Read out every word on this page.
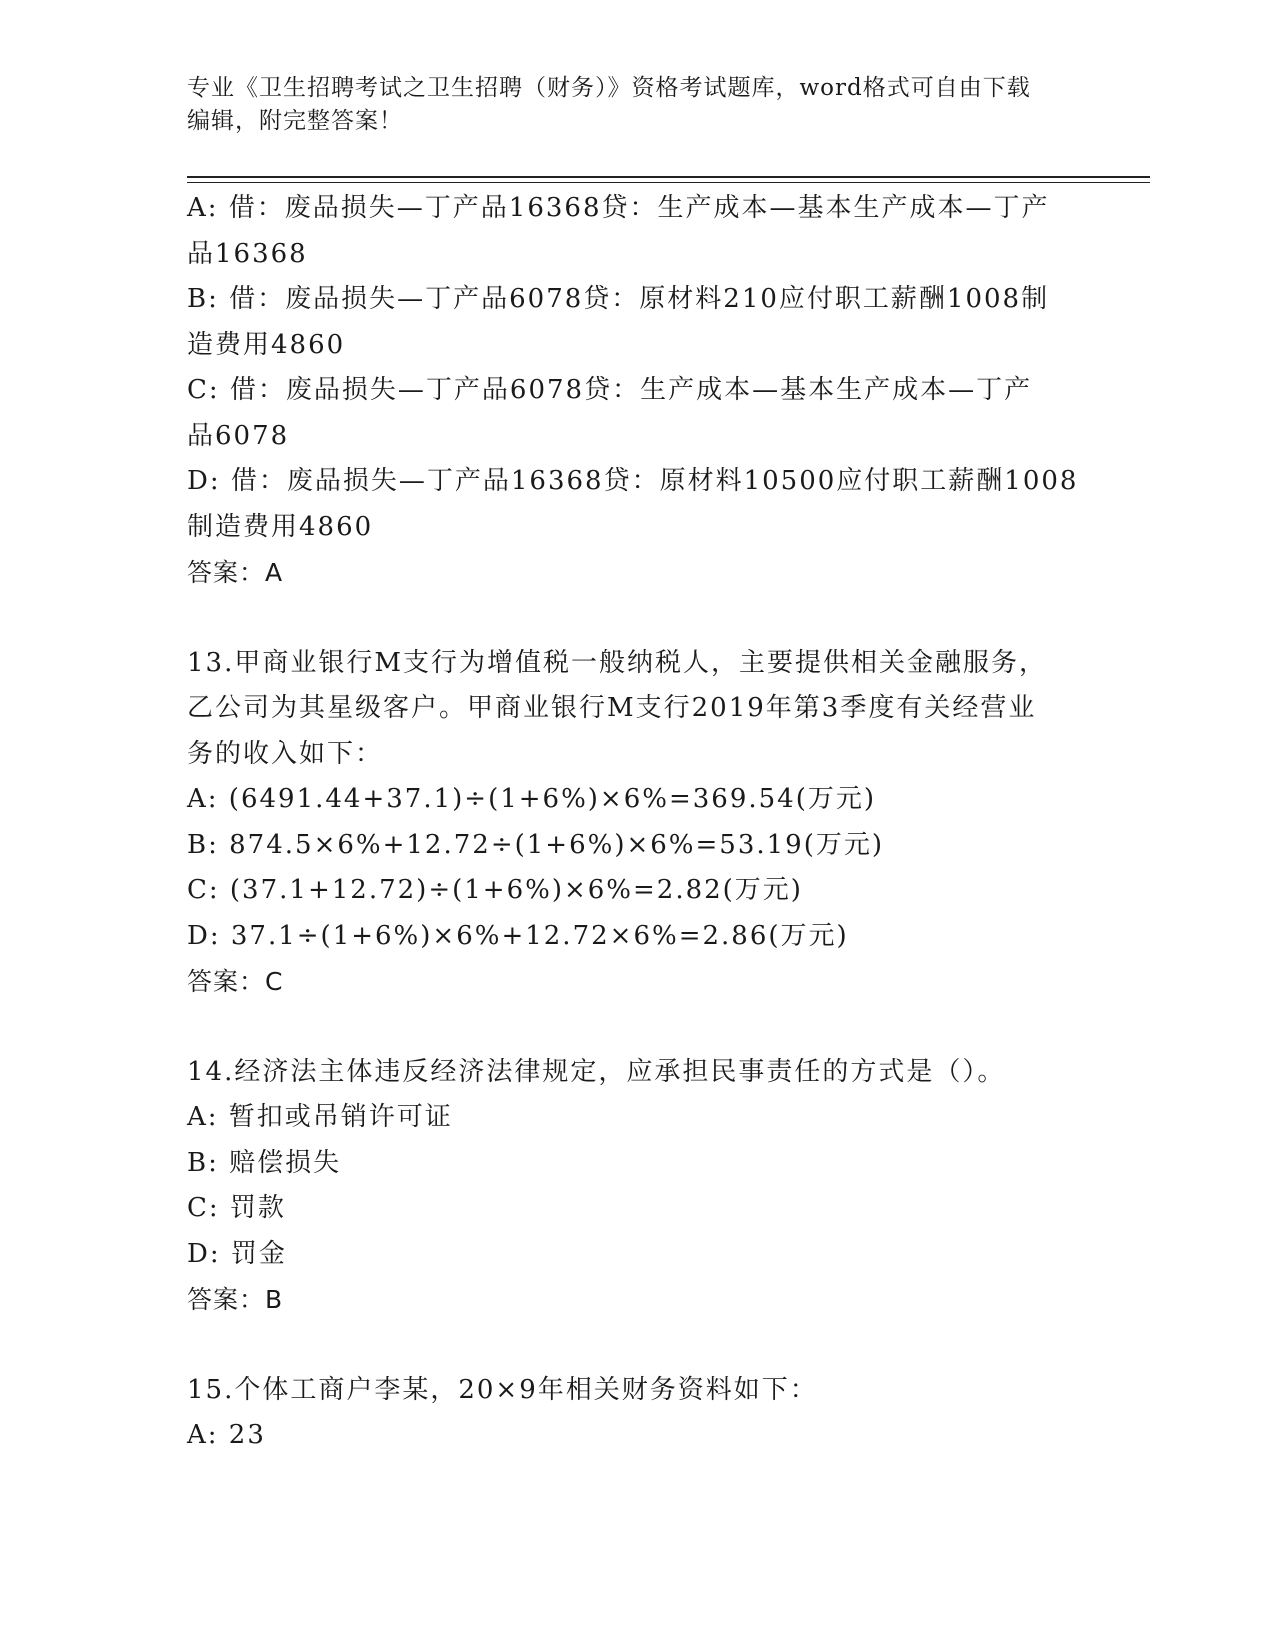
专业《卫生招聘考试之卫生招聘（财务）》资格考试题库，word格式可自由下载
编辑，附完整答案！
A: 借：废品损失—丁产品16368贷：生产成本—基本生产成本—丁产
品16368
B: 借：废品损失—丁产品6078贷：原材料210应付职工薪酬1008制
造费用4860
C: 借：废品损失—丁产品6078贷：生产成本—基本生产成本—丁产
品6078
D: 借：废品损失—丁产品16368贷：原材料10500应付职工薪酬1008
制造费用4860
答案：A
13.甲商业银行M支行为增值税一般纳税人，主要提供相关金融服务，
乙公司为其星级客户。甲商业银行M支行2019年第3季度有关经营业
务的收入如下：
A: (6491.44+37.1)÷(1+6%)×6%=369.54(万元)
B: 874.5×6%+12.72÷(1+6%)×6%=53.19(万元)
C: (37.1+12.72)÷(1+6%)×6%=2.82(万元)
D: 37.1÷(1+6%)×6%+12.72×6%=2.86(万元)
答案：C
14.经济法主体违反经济法律规定，应承担民事责任的方式是（）。
A: 暂扣或吊销许可证
B: 赔偿损失
C: 罚款
D: 罚金
答案：B
15.个体工商户李某，20×9年相关财务资料如下：
A: 23
